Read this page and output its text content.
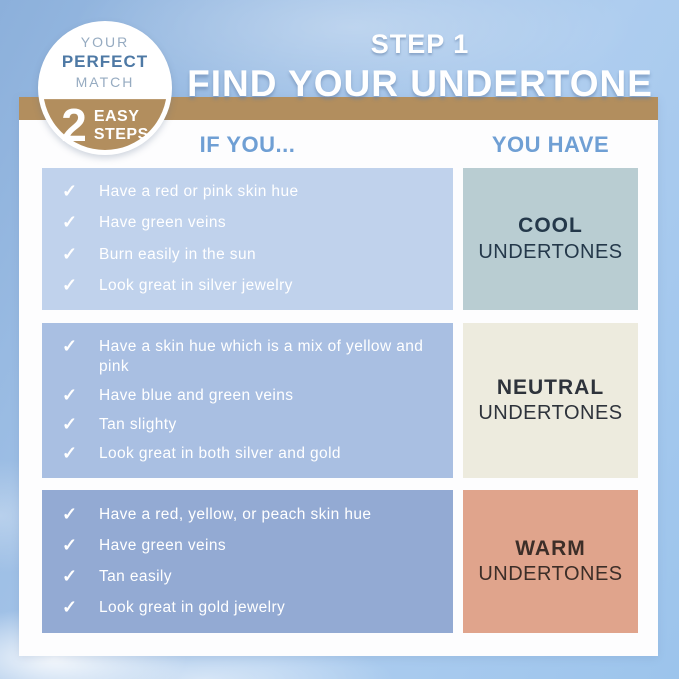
YOUR
PERFECT
MATCH
2 EASY
STEPS
STEP 1
FIND YOUR UNDERTONE
IF YOU...	YOU HAVE
✓ Have a red or pink skin hue
✓ Have green veins
✓ Burn easily in the sun
✓ Look great in silver jewelry
COOL
UNDERTONES
✓ Have a skin hue which is a mix of yellow and pink
✓ Have blue and green veins
✓ Tan slighty
✓ Look great in both silver and gold
NEUTRAL
UNDERTONES
✓ Have a red, yellow, or peach skin hue
✓ Have green veins
✓ Tan easily
✓ Look great in gold jewelry
WARM
UNDERTONES
